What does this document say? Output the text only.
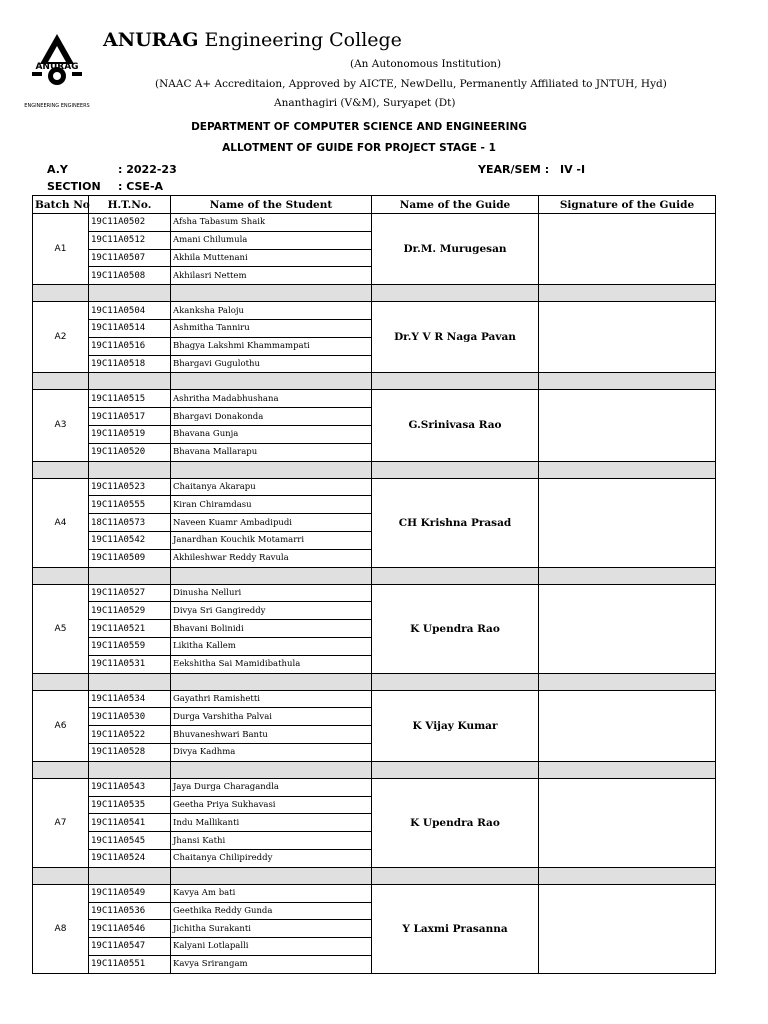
ANURAG
ENGINEERING ENGINEERS
ANURAG Engineering College
(An Autonomous Institution)
(NAAC A+ Accreditaion, Approved by AICTE, NewDellu, Permanently Affiliated to JNTUH, Hyd)
Ananthagiri (V&M), Suryapet (Dt)
DEPARTMENT OF COMPUTER SCIENCE AND ENGINEERING
ALLOTMENT OF GUIDE FOR PROJECT STAGE - 1
A.Y	: 2022-23	YEAR/SEM : IV -I
SECTION : CSE-A
Batch No	H.T.No.	Name of the Student	Name of the Guide	Signature of the Guide
A1	19C11A0502	Afsha Tabasum Shaik	Dr.M. Murugesan	
	19C11A0512	Amani Chilumula		
	19C11A0507	Akhila Muttenani		
	19C11A0508	Akhilasri Nettem		

A2	19C11A0504	Akanksha Paloju	Dr.Y V R Naga Pavan	
	19C11A0514	Ashmitha Tanniru		
	19C11A0516	Bhagya Lakshmi Khammampati		
	19C11A0518	Bhargavi Gugulothu		

A3	19C11A0515	Ashritha Madabhushana	G.Srinivasa Rao	
	19C11A0517	Bhargavi Donakonda		
	19C11A0519	Bhavana Gunja		
	19C11A0520	Bhavana Mallarapu		

A4	19C11A0523	Chaitanya Akarapu	CH Krishna Prasad	
	19C11A0555	Kiran Chiramdasu		
	18C11A0573	Naveen Kuamr Ambadipudi		
	19C11A0542	Janardhan Kouchik Motamarri		
	19C11A0509	Akhileshwar Reddy Ravula		

A5	19C11A0527	Dinusha Nelluri	K Upendra Rao	
	19C11A0529	Divya Sri Gangireddy		
	19C11A0521	Bhavani Bolinidi		
	19C11A0559	Likitha Kallem		
	19C11A0531	Eekshitha Sai Mamidibathula		

A6	19C11A0534	Gayathri Ramishetti	K Vijay Kumar	
	19C11A0530	Durga Varshitha Palvai		
	19C11A0522	Bhuvaneshwari Bantu		
	19C11A0528	Divya Kadhma		

A7	19C11A0543	Jaya Durga Charagandla	K Upendra Rao	
	19C11A0535	Geetha Priya Sukhavasi		
	19C11A0541	Indu Mallikanti		
	19C11A0545	Jhansi Kathi		
	19C11A0524	Chaitanya Chilipireddy		

A8	19C11A0549	Kavya Am bati	Y Laxmi Prasanna	
	19C11A0536	Geethika Reddy Gunda		
	19C11A0546	Jichitha Surakanti		
	19C11A0547	Kalyani Lotlapalli		
	19C11A0551	Kavya Srirangam		
